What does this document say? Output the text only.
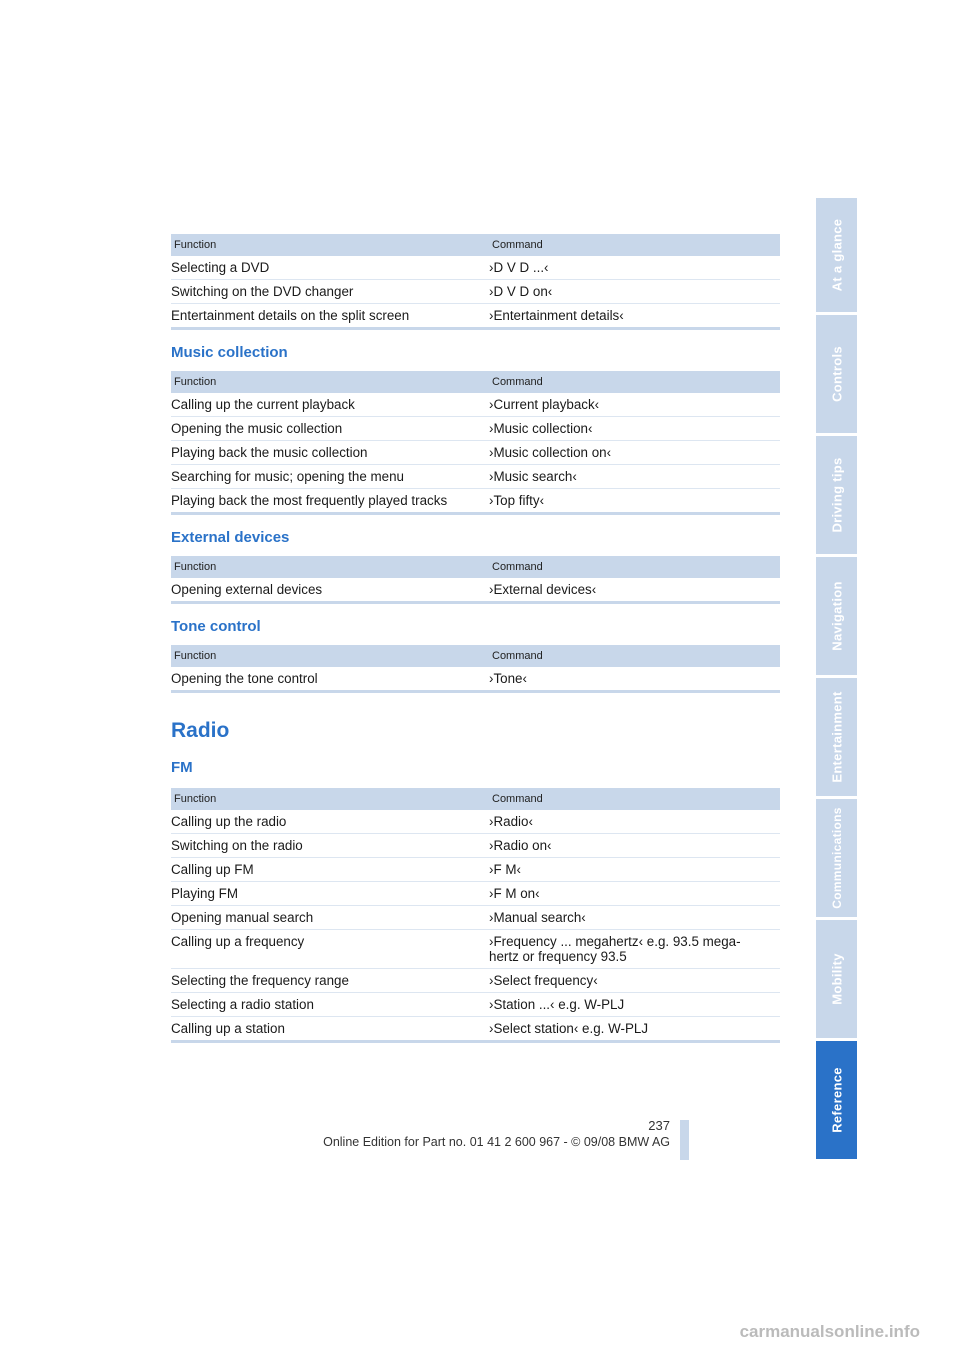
Function	Command
Selecting a DVD	›D V D ...‹
Switching on the DVD changer	›D V D on‹
Entertainment details on the split screen	›Entertainment details‹
Music collection
Function	Command
Calling up the current playback	›Current playback‹
Opening the music collection	›Music collection‹
Playing back the music collection	›Music collection on‹
Searching for music; opening the menu	›Music search‹
Playing back the most frequently played tracks	›Top fifty‹
External devices
Function	Command
Opening external devices	›External devices‹
Tone control
Function	Command
Opening the tone control	›Tone‹
Radio
FM
Function	Command
Calling up the radio	›Radio‹
Switching on the radio	›Radio on‹
Calling up FM	›F M‹
Playing FM	›F M on‹
Opening manual search	›Manual search‹
Calling up a frequency	›Frequency ... megahertz‹ e.g. 93.5 mega-hertz or frequency 93.5
Selecting the frequency range	›Select frequency‹
Selecting a radio station	›Station ...‹ e.g. W-PLJ
Calling up a station	›Select station‹ e.g. W-PLJ
At a glance
Controls
Driving tips
Navigation
Entertainment
Communications
Mobility
Reference
237
Online Edition for Part no. 01 41 2 600 967 - © 09/08 BMW AG
carmanualsonline.info
